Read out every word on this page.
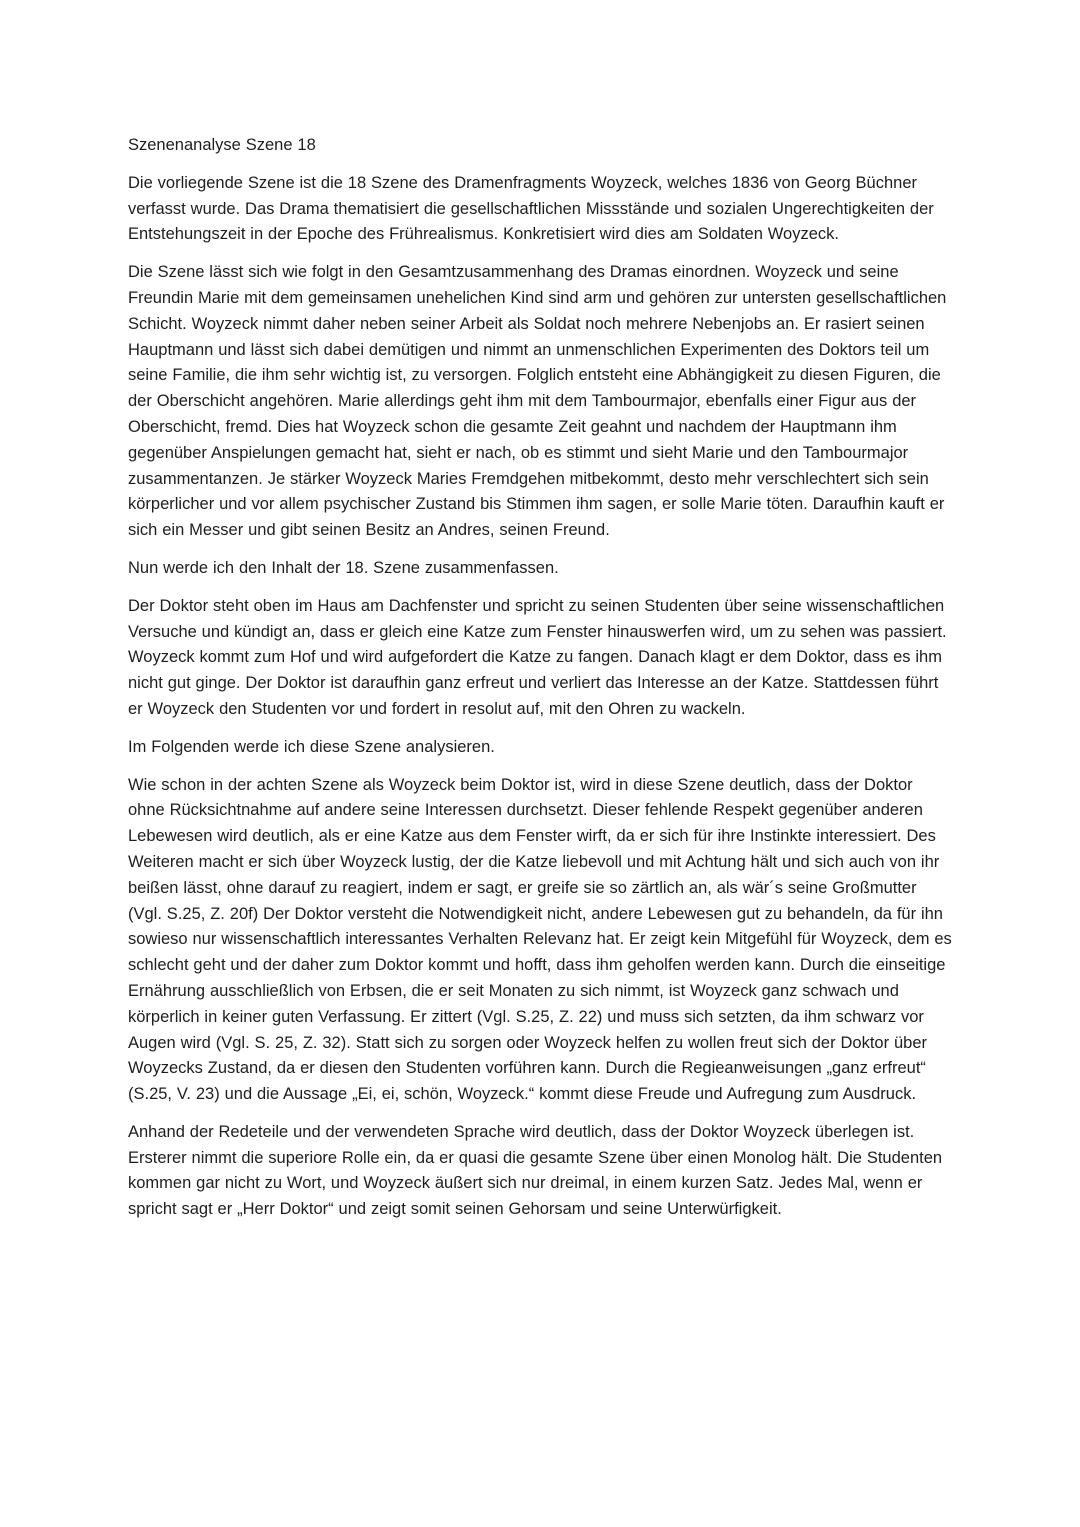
Szenenanalyse Szene 18

Die vorliegende Szene ist die 18 Szene des Dramenfragments Woyzeck, welches 1836 von Georg Büchner verfasst wurde. Das Drama thematisiert die gesellschaftlichen Missstände und sozialen Ungerechtigkeiten der Entstehungszeit in der Epoche des Frührealismus. Konkretisiert wird dies am Soldaten Woyzeck.

Die Szene lässt sich wie folgt in den Gesamtzusammenhang des Dramas einordnen. Woyzeck und seine Freundin Marie mit dem gemeinsamen unehelichen Kind sind arm und gehören zur untersten gesellschaftlichen Schicht. Woyzeck nimmt daher neben seiner Arbeit als Soldat noch mehrere Nebenjobs an. Er rasiert seinen Hauptmann und lässt sich dabei demütigen und nimmt an unmenschlichen Experimenten des Doktors teil um seine Familie, die ihm sehr wichtig ist, zu versorgen. Folglich entsteht eine Abhängigkeit zu diesen Figuren, die der Oberschicht angehören. Marie allerdings geht ihm mit dem Tambourmajor, ebenfalls einer Figur aus der Oberschicht, fremd. Dies hat Woyzeck schon die gesamte Zeit geahnt und nachdem der Hauptmann ihm gegenüber Anspielungen gemacht hat, sieht er nach, ob es stimmt und sieht Marie und den Tambourmajor zusammentanzen. Je stärker Woyzeck Maries Fremdgehen mitbekommt, desto mehr verschlechtert sich sein körperlicher und vor allem psychischer Zustand bis Stimmen ihm sagen, er solle Marie töten. Daraufhin kauft er sich ein Messer und gibt seinen Besitz an Andres, seinen Freund.

Nun werde ich den Inhalt der 18. Szene zusammenfassen.

Der Doktor steht oben im Haus am Dachfenster und spricht zu seinen Studenten über seine wissenschaftlichen Versuche und kündigt an, dass er gleich eine Katze zum Fenster hinauswerfen wird, um zu sehen was passiert. Woyzeck kommt zum Hof und wird aufgefordert die Katze zu fangen. Danach klagt er dem Doktor, dass es ihm nicht gut ginge. Der Doktor ist daraufhin ganz erfreut und verliert das Interesse an der Katze. Stattdessen führt er Woyzeck den Studenten vor und fordert in resolut auf, mit den Ohren zu wackeln.

Im Folgenden werde ich diese Szene analysieren.

Wie schon in der achten Szene als Woyzeck beim Doktor ist, wird in diese Szene deutlich, dass der Doktor ohne Rücksichtnahme auf andere seine Interessen durchsetzt. Dieser fehlende Respekt gegenüber anderen Lebewesen wird deutlich, als er eine Katze aus dem Fenster wirft, da er sich für ihre Instinkte interessiert. Des Weiteren macht er sich über Woyzeck lustig, der die Katze liebevoll und mit Achtung hält und sich auch von ihr beißen lässt, ohne darauf zu reagiert, indem er sagt, er greife sie so zärtlich an, als wär´s seine Großmutter (Vgl. S.25, Z. 20f) Der Doktor versteht die Notwendigkeit nicht, andere Lebewesen gut zu behandeln, da für ihn sowieso nur wissenschaftlich interessantes Verhalten Relevanz hat. Er zeigt kein Mitgefühl für Woyzeck, dem es schlecht geht und der daher zum Doktor kommt und hofft, dass ihm geholfen werden kann. Durch die einseitige Ernährung ausschließlich von Erbsen, die er seit Monaten zu sich nimmt, ist Woyzeck ganz schwach und körperlich in keiner guten Verfassung. Er zittert (Vgl. S.25, Z. 22) und muss sich setzten, da ihm schwarz vor Augen wird (Vgl. S. 25, Z. 32). Statt sich zu sorgen oder Woyzeck helfen zu wollen freut sich der Doktor über Woyzecks Zustand, da er diesen den Studenten vorführen kann. Durch die Regieanweisungen „ganz erfreut“ (S.25, V. 23) und die Aussage „Ei, ei, schön, Woyzeck.“ kommt diese Freude und Aufregung zum Ausdruck.

Anhand der Redeteile und der verwendeten Sprache wird deutlich, dass der Doktor Woyzeck überlegen ist. Ersterer nimmt die superiore Rolle ein, da er quasi die gesamte Szene über einen Monolog hält. Die Studenten kommen gar nicht zu Wort, und Woyzeck äußert sich nur dreimal, in einem kurzen Satz. Jedes Mal, wenn er spricht sagt er „Herr Doktor“ und zeigt somit seinen Gehorsam und seine Unterwürfigkeit.
